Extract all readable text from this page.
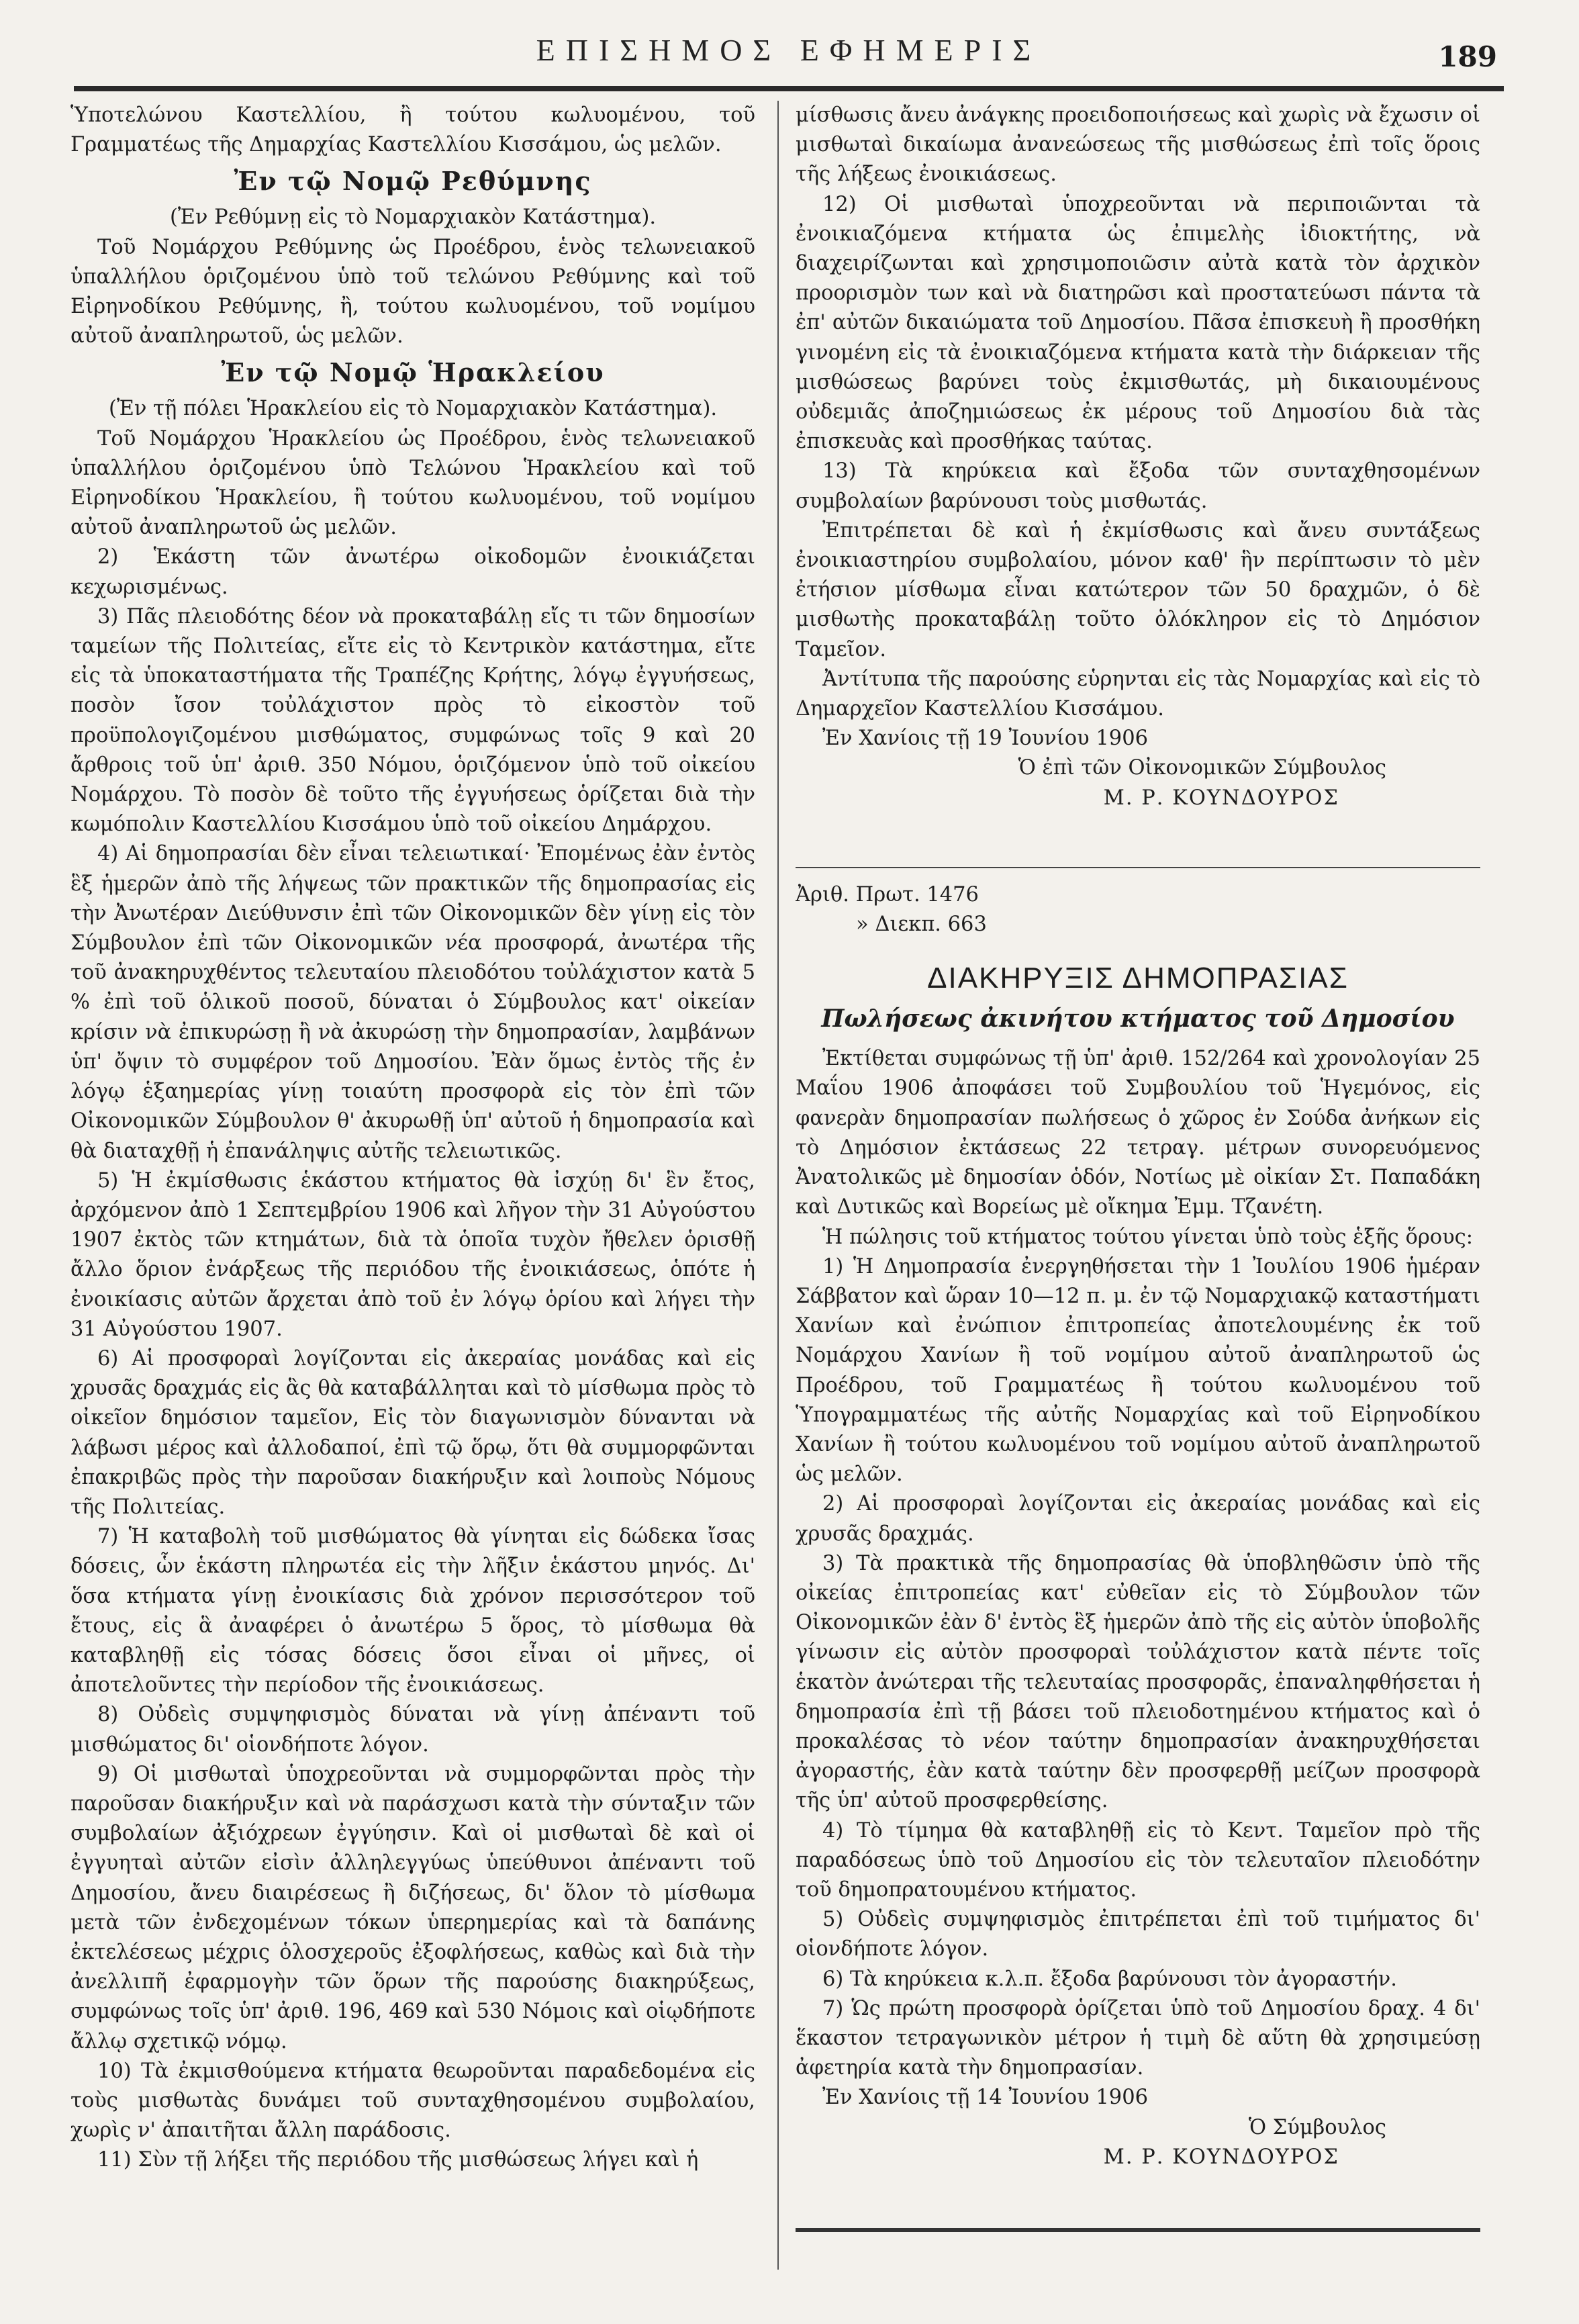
ΕΠΙΣΗΜΟΣ ΕΦΗΜΕΡΙΣ	189

Ὑποτελώνου Καστελλίου, ἢ τούτου κωλυομένου, τοῦ Γραμματέως τῆς Δημαρχίας Καστελλίου Κισσάμου, ὡς μελῶν.

Ἐν τῷ Νομῷ Ρεθύμνης

(Ἐν Ρεθύμνῃ εἰς τὸ Νομαρχιακὸν Κατάστημα).

Τοῦ Νομάρχου Ρεθύμνης ὡς Προέδρου, ἑνὸς τελωνειακοῦ ὑπαλλήλου ὁριζομένου ὑπὸ τοῦ τελώνου Ρεθύμνης καὶ τοῦ Εἰρηνοδίκου Ρεθύμνης, ἢ, τούτου κωλυομένου, τοῦ νομίμου αὐτοῦ ἀναπληρωτοῦ, ὡς μελῶν.

Ἐν τῷ Νομῷ Ἡρακλείου

(Ἐν τῇ πόλει Ἡρακλείου εἰς τὸ Νομαρχιακὸν Κατάστημα).

Τοῦ Νομάρχου Ἡρακλείου ὡς Προέδρου, ἑνὸς τελωνειακοῦ ὑπαλλήλου ὁριζομένου ὑπὸ Τελώνου Ἡρακλείου καὶ τοῦ Εἰρηνοδίκου Ἡρακλείου, ἢ τούτου κωλυομένου, τοῦ νομίμου αὐτοῦ ἀναπληρωτοῦ ὡς μελῶν.

2) Ἑκάστη τῶν ἀνωτέρω οἰκοδομῶν ἐνοικιάζεται κεχωρισμένως.

3) Πᾶς πλειοδότης δέον νὰ προκαταβάλῃ εἴς τι τῶν δημοσίων ταμείων τῆς Πολιτείας, εἴτε εἰς τὸ Κεντρικὸν κατάστημα, εἴτε εἰς τὰ ὑποκαταστήματα τῆς Τραπέζης Κρήτης, λόγῳ ἐγγυήσεως, ποσὸν ἴσον τοὐλάχιστον πρὸς τὸ εἰκοστὸν τοῦ προϋπολογιζομένου μισθώματος, συμφώνως τοῖς 9 καὶ 20 ἄρθροις τοῦ ὑπ' ἀριθ. 350 Νόμου, ὁριζόμενον ὑπὸ τοῦ οἰκείου Νομάρχου. Τὸ ποσὸν δὲ τοῦτο τῆς ἐγγυήσεως ὁρίζεται διὰ τὴν κωμόπολιν Καστελλίου Κισσάμου ὑπὸ τοῦ οἰκείου Δημάρχου.

4) Αἱ δημοπρασίαι δὲν εἶναι τελειωτικαί· Ἐπομένως ἐὰν ἐντὸς ἓξ ἡμερῶν ἀπὸ τῆς λήψεως τῶν πρακτικῶν τῆς δημοπρασίας εἰς τὴν Ἀνωτέραν Διεύθυνσιν ἐπὶ τῶν Οἰκονομικῶν δὲν γίνῃ εἰς τὸν Σύμβουλον ἐπὶ τῶν Οἰκονομικῶν νέα προσφορά, ἀνωτέρα τῆς τοῦ ἀνακηρυχθέντος τελευταίου πλειοδότου τοὐλάχιστον κατὰ 5 % ἐπὶ τοῦ ὁλικοῦ ποσοῦ, δύναται ὁ Σύμβουλος κατ' οἰκείαν κρίσιν νὰ ἐπικυρώσῃ ἢ νὰ ἀκυρώσῃ τὴν δημοπρασίαν, λαμβάνων ὑπ' ὄψιν τὸ συμφέρον τοῦ Δημοσίου. Ἐὰν ὅμως ἐντὸς τῆς ἐν λόγῳ ἑξαημερίας γίνῃ τοιαύτη προσφορὰ εἰς τὸν ἐπὶ τῶν Οἰκονομικῶν Σύμβουλον θ' ἀκυρωθῇ ὑπ' αὐτοῦ ἡ δημοπρασία καὶ θὰ διαταχθῇ ἡ ἐπανάληψις αὐτῆς τελειωτικῶς.

5) Ἡ ἐκμίσθωσις ἑκάστου κτήματος θὰ ἰσχύῃ δι' ἓν ἔτος, ἀρχόμενον ἀπὸ 1 Σεπτεμβρίου 1906 καὶ λῆγον τὴν 31 Αὐγούστου 1907 ἐκτὸς τῶν κτημάτων, διὰ τὰ ὁποῖα τυχὸν ἤθελεν ὁρισθῇ ἄλλο ὅριον ἐνάρξεως τῆς περιόδου τῆς ἐνοικιάσεως, ὁπότε ἡ ἐνοικίασις αὐτῶν ἄρχεται ἀπὸ τοῦ ἐν λόγῳ ὁρίου καὶ λήγει τὴν 31 Αὐγούστου 1907.

6) Αἱ προσφοραὶ λογίζονται εἰς ἀκεραίας μονάδας καὶ εἰς χρυσᾶς δραχμάς εἰς ἃς θὰ καταβάλληται καὶ τὸ μίσθωμα πρὸς τὸ οἰκεῖον δημόσιον ταμεῖον, Εἰς τὸν διαγωνισμὸν δύνανται νὰ λάβωσι μέρος καὶ ἀλλοδαποί, ἐπὶ τῷ ὅρῳ, ὅτι θὰ συμμορφῶνται ἐπακριβῶς πρὸς τὴν παροῦσαν διακήρυξιν καὶ λοιποὺς Νόμους τῆς Πολιτείας.

7) Ἡ καταβολὴ τοῦ μισθώματος θὰ γίνηται εἰς δώδεκα ἴσας δόσεις, ὧν ἑκάστη πληρωτέα εἰς τὴν λῆξιν ἑκάστου μηνός. Δι' ὅσα κτήματα γίνῃ ἐνοικίασις διὰ χρόνον περισσότερον τοῦ ἔτους, εἰς ἃ ἀναφέρει ὁ ἀνωτέρω 5 ὅρος, τὸ μίσθωμα θὰ καταβληθῇ εἰς τόσας δόσεις ὅσοι εἶναι οἱ μῆνες, οἱ ἀποτελοῦντες τὴν περίοδον τῆς ἐνοικιάσεως.

8) Οὐδεὶς συμψηφισμὸς δύναται νὰ γίνῃ ἀπέναντι τοῦ μισθώματος δι' οἱονδήποτε λόγον.

9) Οἱ μισθωταὶ ὑποχρεοῦνται νὰ συμμορφῶνται πρὸς τὴν παροῦσαν διακήρυξιν καὶ νὰ παράσχωσι κατὰ τὴν σύνταξιν τῶν συμβολαίων ἀξιόχρεων ἐγγύησιν. Καὶ οἱ μισθωταὶ δὲ καὶ οἱ ἐγγυηταὶ αὐτῶν εἰσὶν ἀλληλεγγύως ὑπεύθυνοι ἀπέναντι τοῦ Δημοσίου, ἄνευ διαιρέσεως ἢ διζήσεως, δι' ὅλον τὸ μίσθωμα μετὰ τῶν ἐνδεχομένων τόκων ὑπερημερίας καὶ τὰ δαπάνης ἐκτελέσεως μέχρις ὁλοσχεροῦς ἐξοφλήσεως, καθὼς καὶ διὰ τὴν ἀνελλιπῆ ἐφαρμογὴν τῶν ὅρων τῆς παρούσης διακηρύξεως, συμφώνως τοῖς ὑπ' ἀριθ. 196, 469 καὶ 530 Νόμοις καὶ οἱῳδήποτε ἄλλῳ σχετικῷ νόμῳ.

10) Τὰ ἐκμισθούμενα κτήματα θεωροῦνται παραδεδομένα εἰς τοὺς μισθωτὰς δυνάμει τοῦ συνταχθησομένου συμβολαίου, χωρὶς ν' ἀπαιτῆται ἄλλη παράδοσις.

11) Σὺν τῇ λήξει τῆς περιόδου τῆς μισθώσεως λήγει καὶ ἡ

μίσθωσις ἄνευ ἀνάγκης προειδοποιήσεως καὶ χωρὶς νὰ ἔχωσιν οἱ μισθωταὶ δικαίωμα ἀνανεώσεως τῆς μισθώσεως ἐπὶ τοῖς ὅροις τῆς λήξεως ἐνοικιάσεως.

12) Οἱ μισθωταὶ ὑποχρεοῦνται νὰ περιποιῶνται τὰ ἐνοικιαζόμενα κτήματα ὡς ἐπιμελὴς ἰδιοκτήτης, νὰ διαχειρίζωνται καὶ χρησιμοποιῶσιν αὐτὰ κατὰ τὸν ἀρχικὸν προορισμὸν των καὶ νὰ διατηρῶσι καὶ προστατεύωσι πάντα τὰ ἐπ' αὐτῶν δικαιώματα τοῦ Δημοσίου. Πᾶσα ἐπισκευὴ ἢ προσθήκη γινομένη εἰς τὰ ἐνοικιαζόμενα κτήματα κατὰ τὴν διάρκειαν τῆς μισθώσεως βαρύνει τοὺς ἐκμισθωτάς, μὴ δικαιουμένους οὐδεμιᾶς ἀποζημιώσεως ἐκ μέρους τοῦ Δημοσίου διὰ τὰς ἐπισκευὰς καὶ προσθήκας ταύτας.

13) Τὰ κηρύκεια καὶ ἔξοδα τῶν συνταχθησομένων συμβολαίων βαρύνουσι τοὺς μισθωτάς.

Ἐπιτρέπεται δὲ καὶ ἡ ἐκμίσθωσις καὶ ἄνευ συντάξεως ἐνοικιαστηρίου συμβολαίου, μόνον καθ' ἣν περίπτωσιν τὸ μὲν ἐτήσιον μίσθωμα εἶναι κατώτερον τῶν 50 δραχμῶν, ὁ δὲ μισθωτὴς προκαταβάλῃ τοῦτο ὁλόκληρον εἰς τὸ Δημόσιον Ταμεῖον.

Ἀντίτυπα τῆς παρούσης εὑρηνται εἰς τὰς Νομαρχίας καὶ εἰς τὸ Δημαρχεῖον Καστελλίου Κισσάμου.

Ἐν Χανίοις τῇ 19 Ἰουνίου 1906

Ὁ ἐπὶ τῶν Οἰκονομικῶν Σύμβουλος

Μ. Ρ. ΚΟΥΝΔΟΥΡΟΣ

Ἀριθ. Πρωτ. 1476

» Διεκπ. 663

ΔΙΑΚΗΡΥΞΙΣ ΔΗΜΟΠΡΑΣΙΑΣ

Πωλήσεως ἀκινήτου κτήματος τοῦ Δημοσίου

Ἐκτίθεται συμφώνως τῇ ὑπ' ἀριθ. 152/264 καὶ χρονολογίαν 25 Μαΐου 1906 ἀποφάσει τοῦ Συμβουλίου τοῦ Ἡγεμόνος, εἰς φανερὰν δημοπρασίαν πωλήσεως ὁ χῶρος ἐν Σούδα ἀνήκων εἰς τὸ Δημόσιον ἐκτάσεως 22 τετραγ. μέτρων συνορευόμενος Ἀνατολικῶς μὲ δημοσίαν ὁδόν, Νοτίως μὲ οἰκίαν Στ. Παπαδάκη καὶ Δυτικῶς καὶ Βορείως μὲ οἴκημα Ἐμμ. Τζανέτη.

Ἡ πώλησις τοῦ κτήματος τούτου γίνεται ὑπὸ τοὺς ἑξῆς ὅρους:

1) Ἡ Δημοπρασία ἐνεργηθήσεται τὴν 1 Ἰουλίου 1906 ἡμέραν Σάββατον καὶ ὥραν 10—12 π. μ. ἐν τῷ Νομαρχιακῷ καταστήματι Χανίων καὶ ἐνώπιον ἐπιτροπείας ἀποτελουμένης ἐκ τοῦ Νομάρχου Χανίων ἢ τοῦ νομίμου αὐτοῦ ἀναπληρωτοῦ ὡς Προέδρου, τοῦ Γραμματέως ἢ τούτου κωλυομένου τοῦ Ὑπογραμματέως τῆς αὐτῆς Νομαρχίας καὶ τοῦ Εἰρηνοδίκου Χανίων ἢ τούτου κωλυομένου τοῦ νομίμου αὐτοῦ ἀναπληρωτοῦ ὡς μελῶν.

2) Αἱ προσφοραὶ λογίζονται εἰς ἀκεραίας μονάδας καὶ εἰς χρυσᾶς δραχμάς.

3) Τὰ πρακτικὰ τῆς δημοπρασίας θὰ ὑποβληθῶσιν ὑπὸ τῆς οἰκείας ἐπιτροπείας κατ' εὐθεῖαν εἰς τὸ Σύμβουλον τῶν Οἰκονομικῶν ἐὰν δ' ἐντὸς ἓξ ἡμερῶν ἀπὸ τῆς εἰς αὐτὸν ὑποβολῆς γίνωσιν εἰς αὐτὸν προσφοραὶ τοὐλάχιστον κατὰ πέντε τοῖς ἑκατὸν ἀνώτεραι τῆς τελευταίας προσφορᾶς, ἐπαναληφθήσεται ἡ δημοπρασία ἐπὶ τῇ βάσει τοῦ πλειοδοτημένου κτήματος καὶ ὁ προκαλέσας τὸ νέον ταύτην δημοπρασίαν ἀνακηρυχθήσεται ἀγοραστής, ἐὰν κατὰ ταύτην δὲν προσφερθῇ μείζων προσφορὰ τῆς ὑπ' αὐτοῦ προσφερθείσης.

4) Τὸ τίμημα θὰ καταβληθῇ εἰς τὸ Κεντ. Ταμεῖον πρὸ τῆς παραδόσεως ὑπὸ τοῦ Δημοσίου εἰς τὸν τελευταῖον πλειοδότην τοῦ δημοπρατουμένου κτήματος.

5) Οὐδεὶς συμψηφισμὸς ἐπιτρέπεται ἐπὶ τοῦ τιμήματος δι' οἱονδήποτε λόγον.

6) Τὰ κηρύκεια κ.λ.π. ἔξοδα βαρύνουσι τὸν ἀγοραστήν.

7) Ὡς πρώτη προσφορὰ ὁρίζεται ὑπὸ τοῦ Δημοσίου δραχ. 4 δι' ἕκαστον τετραγωνικὸν μέτρον ἡ τιμὴ δὲ αὕτη θὰ χρησιμεύσῃ ἀφετηρία κατὰ τὴν δημοπρασίαν.

Ἐν Χανίοις τῇ 14 Ἰουνίου 1906

Ὁ Σύμβουλος

Μ. Ρ. ΚΟΥΝΔΟΥΡΟΣ
